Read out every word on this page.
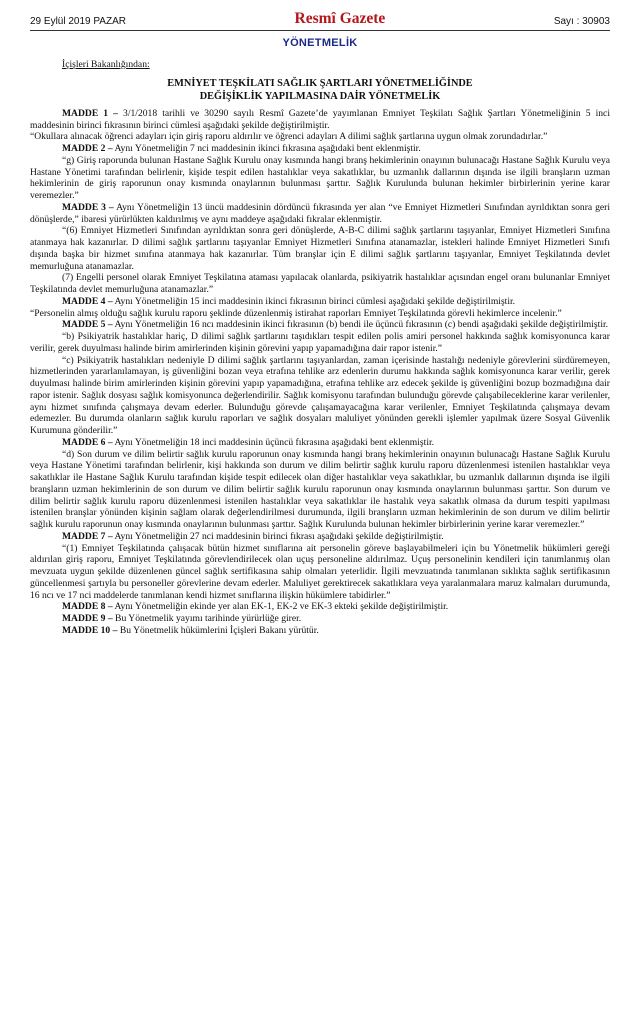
29 Eylül 2019 PAZAR	Resmî Gazete	Sayı : 30903
YÖNETMELİK
İçişleri Bakanlığından:
EMNİYET TEŞKİLATI SAĞLIK ŞARTLARI YÖNETMELİĞİNDE
DEĞİŞİKLİK YAPILMASINA DAİR YÖNETMELİK

MADDE 1 – 3/1/2018 tarihli ve 30290 sayılı Resmî Gazete’de yayımlanan Emniyet Teşkilatı Sağlık Şartları Yönetmeliğinin 5 inci maddesinin birinci fıkrasının birinci cümlesi aşağıdaki şekilde değiştirilmiştir.

“Okullara alınacak öğrenci adayları için giriş raporu aldırılır ve öğrenci adayları A dilimi sağlık şartlarına uygun olmak zorundadırlar.”

MADDE 2 – Aynı Yönetmeliğin 7 nci maddesinin ikinci fıkrasına aşağıdaki bent eklenmiştir.

“g) Giriş raporunda bulunan Hastane Sağlık Kurulu onay kısmında hangi branş hekimlerinin onayının bulunacağı Hastane Sağlık Kurulu veya Hastane Yönetimi tarafından belirlenir, kişide tespit edilen hastalıklar veya sakatlıklar, bu uzmanlık dallarının dışında ise ilgili branşların uzman hekimlerinin de giriş raporunun onay kısmında onaylarının bulunması şarttır. Sağlık Kurulunda bulunan hekimler birbirlerinin yerine karar veremezler.”

MADDE 3 – Aynı Yönetmeliğin 13 üncü maddesinin dördüncü fıkrasında yer alan “ve Emniyet Hizmetleri Sınıfından ayrıldıktan sonra geri dönüşlerde,” ibaresi yürürlükten kaldırılmış ve aynı maddeye aşağıdaki fıkralar eklenmiştir.

“(6) Emniyet Hizmetleri Sınıfından ayrıldıktan sonra geri dönüşlerde, A-B-C dilimi sağlık şartlarını taşıyanlar, Emniyet Hizmetleri Sınıfına atanmaya hak kazanırlar. D dilimi sağlık şartlarını taşıyanlar Emniyet Hizmetleri Sınıfına atanamazlar, istekleri halinde Emniyet Hizmetleri Sınıfı dışında başka bir hizmet sınıfına atanmaya hak kazanırlar. Tüm branşlar için E dilimi sağlık şartlarını taşıyanlar, Emniyet Teşkilatında devlet memurluğuna atanamazlar.

(7) Engelli personel olarak Emniyet Teşkilatına ataması yapılacak olanlarda, psikiyatrik hastalıklar açısından engel oranı bulunanlar Emniyet Teşkilatında devlet memurluğuna atanamazlar.”

MADDE 4 – Aynı Yönetmeliğin 15 inci maddesinin ikinci fıkrasının birinci cümlesi aşağıdaki şekilde değiştirilmiştir.

“Personelin almış olduğu sağlık kurulu raporu şeklinde düzenlenmiş istirahat raporları Emniyet Teşkilatında görevli hekimlerce incelenir.”

MADDE 5 – Aynı Yönetmeliğin 16 ncı maddesinin ikinci fıkrasının (b) bendi ile üçüncü fıkrasının (c) bendi aşağıdaki şekilde değiştirilmiştir.

“b) Psikiyatrik hastalıklar hariç, D dilimi sağlık şartlarını taşıdıkları tespit edilen polis amiri personel hakkında sağlık komisyonunca karar verilir, gerek duyulması halinde birim amirlerinden kişinin görevini yapıp yapamadığına dair rapor istenir.”

“c) Psikiyatrik hastalıkları nedeniyle D dilimi sağlık şartlarını taşıyanlardan, zaman içerisinde hastalığı nedeniyle görevlerini sürdüremeyen, hizmetlerinden yararlanılamayan, iş güvenliğini bozan veya etrafına tehlike arz edenlerin durumu hakkında sağlık komisyonunca karar verilir, gerek duyulması halinde birim amirlerinden kişinin görevini yapıp yapamadığına, etrafına tehlike arz edecek şekilde iş güvenliğini bozup bozmadığına dair rapor istenir. Sağlık dosyası sağlık komisyonunca değerlendirilir. Sağlık komisyonu tarafından bulunduğu görevde çalışabileceklerine karar verilenler, aynı hizmet sınıfında çalışmaya devam ederler. Bulunduğu görevde çalışamayacağına karar verilenler, Emniyet Teşkilatında çalışmaya devam edemezler. Bu durumda olanların sağlık kurulu raporları ve sağlık dosyaları maluliyet yönünden gerekli işlemler yapılmak üzere Sosyal Güvenlik Kurumuna gönderilir.”

MADDE 6 – Aynı Yönetmeliğin 18 inci maddesinin üçüncü fıkrasına aşağıdaki bent eklenmiştir.

“d) Son durum ve dilim belirtir sağlık kurulu raporunun onay kısmında hangi branş hekimlerinin onayının bulunacağı Hastane Sağlık Kurulu veya Hastane Yönetimi tarafından belirlenir, kişi hakkında son durum ve dilim belirtir sağlık kurulu raporu düzenlenmesi istenilen hastalıklar veya sakatlıklar ile Hastane Sağlık Kurulu tarafından kişide tespit edilecek olan diğer hastalıklar veya sakatlıklar, bu uzmanlık dallarının dışında ise ilgili branşların uzman hekimlerinin de son durum ve dilim belirtir sağlık kurulu raporunun onay kısmında onaylarının bulunması şarttır. Son durum ve dilim belirtir sağlık kurulu raporu düzenlenmesi istenilen hastalıklar veya sakatlıklar ile hastalık veya sakatlık olmasa da durum tespiti yapılması istenilen branşlar yönünden kişinin sağlam olarak değerlendirilmesi durumunda, ilgili branşların uzman hekimlerinin de son durum ve dilim belirtir sağlık kurulu raporunun onay kısmında onaylarının bulunması şarttır. Sağlık Kurulunda bulunan hekimler birbirlerinin yerine karar veremezler.”

MADDE 7 – Aynı Yönetmeliğin 27 nci maddesinin birinci fıkrası aşağıdaki şekilde değiştirilmiştir.

“(1) Emniyet Teşkilatında çalışacak bütün hizmet sınıflarına ait personelin göreve başlayabilmeleri için bu Yönetmelik hükümleri gereği aldırılan giriş raporu, Emniyet Teşkilatında görevlendirilecek olan uçuş personeline aldırılmaz. Uçuş personelinin kendileri için tanımlanmış olan mevzuata uygun şekilde düzenlenen güncel sağlık sertifikasına sahip olmaları yeterlidir. İlgili mevzuatında tanımlanan sıklıkta sağlık sertifikasının güncellenmesi şartıyla bu personeller görevlerine devam ederler. Maluliyet gerektirecek sakatlıklara veya yaralanmalara maruz kalmaları durumunda, 16 ncı ve 17 nci maddelerde tanımlanan kendi hizmet sınıflarına ilişkin hükümlere tabidirler.”

MADDE 8 – Aynı Yönetmeliğin ekinde yer alan EK-1, EK-2 ve EK-3 ekteki şekilde değiştirilmiştir.

MADDE 9 – Bu Yönetmelik yayımı tarihinde yürürlüğe girer.

MADDE 10 – Bu Yönetmelik hükümlerini İçişleri Bakanı yürütür.
